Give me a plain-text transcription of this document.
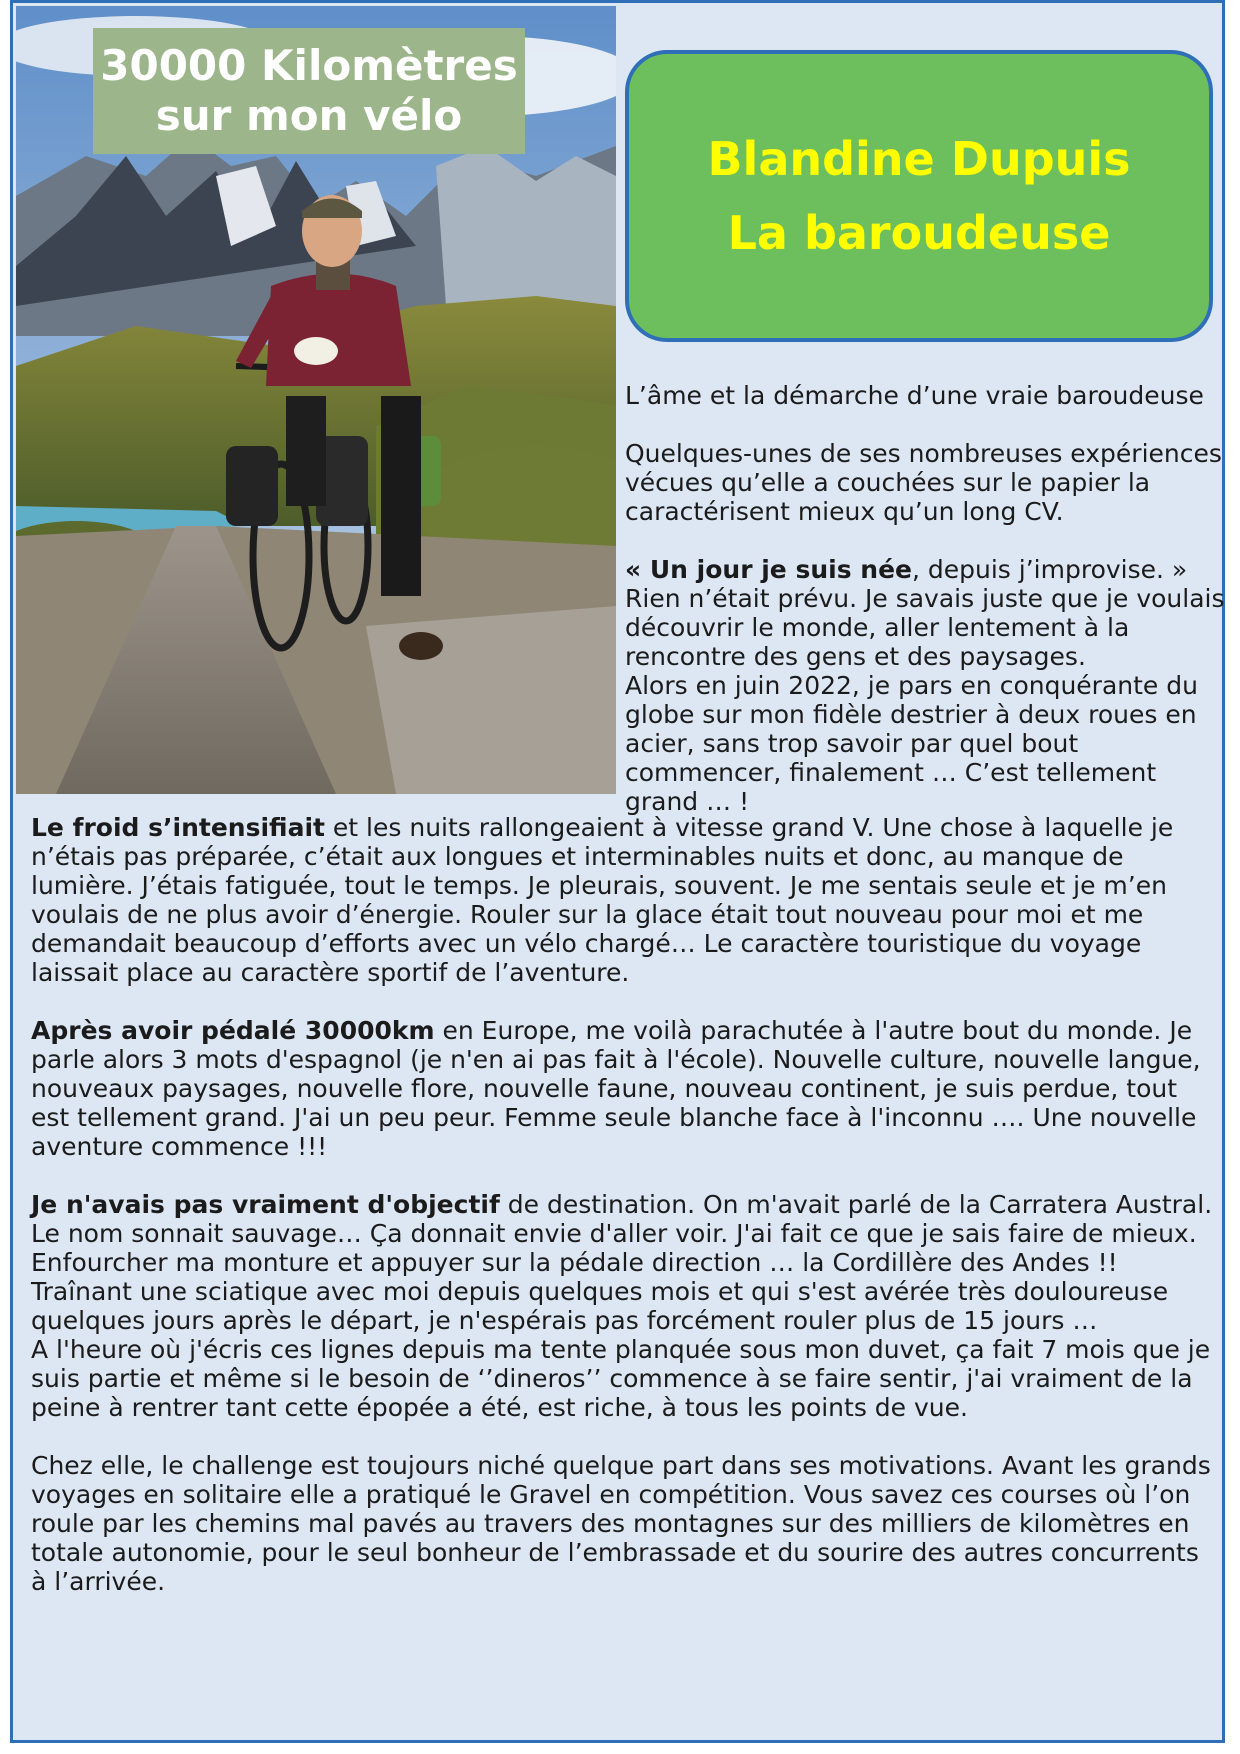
30000 Kilomètres
sur mon vélo
Blandine Dupuis
La baroudeuse

L’âme et la démarche d’une vraie baroudeuse

Quelques-unes de ses nombreuses expériences vécues qu’elle a couchées sur le papier la caractérisent mieux qu’un long CV.

« Un jour je suis née, depuis j’improvise. » Rien n’était prévu. Je savais juste que je voulais découvrir le monde, aller lentement à la rencontre des gens et des paysages.

Alors en juin 2022, je pars en conquérante du globe sur mon fidèle destrier à deux roues en acier, sans trop savoir par quel bout commencer, finalement … C’est tellement grand … !

Le froid s’intensifiait et les nuits rallongeaient à vitesse grand V. Une chose à laquelle je n’étais pas préparée, c’était aux longues et interminables nuits et donc, au manque de lumière. J’étais fatiguée, tout le temps. Je pleurais, souvent. Je me sentais seule et je m’en voulais de ne plus avoir d’énergie. Rouler sur la glace était tout nouveau pour moi et me demandait beaucoup d’efforts avec un vélo chargé… Le caractère touristique du voyage laissait place au caractère sportif de l’aventure.

Après avoir pédalé 30000km en Europe, me voilà parachutée à l'autre bout du monde. Je parle alors 3 mots d'espagnol (je n'en ai pas fait à l'école). Nouvelle culture, nouvelle langue, nouveaux paysages, nouvelle flore, nouvelle faune, nouveau continent, je suis perdue, tout est tellement grand. J'ai un peu peur. Femme seule blanche face à l'inconnu …. Une nouvelle aventure commence !!!

Je n'avais pas vraiment d'objectif de destination. On m'avait parlé de la Carratera Austral. Le nom sonnait sauvage… Ça donnait envie d'aller voir. J'ai fait ce que je sais faire de mieux. Enfourcher ma monture et appuyer sur la pédale direction … la Cordillère des Andes !!

Traînant une sciatique avec moi depuis quelques mois et qui s'est avérée très douloureuse quelques jours après le départ, je n'espérais pas forcément rouler plus de 15 jours …

A l'heure où j'écris ces lignes depuis ma tente planquée sous mon duvet, ça fait 7 mois que je suis partie et même si le besoin de ‘’dineros’’ commence à se faire sentir, j'ai vraiment de la peine à rentrer tant cette épopée a été, est riche, à tous les points de vue.

Chez elle, le challenge est toujours niché quelque part dans ses motivations. Avant les grands voyages en solitaire elle a pratiqué le Gravel en compétition. Vous savez ces courses où l’on roule par les chemins mal pavés au travers des montagnes sur des milliers de kilomètres en totale autonomie, pour le seul bonheur de l’embrassade et du sourire des autres concurrents à l’arrivée.
